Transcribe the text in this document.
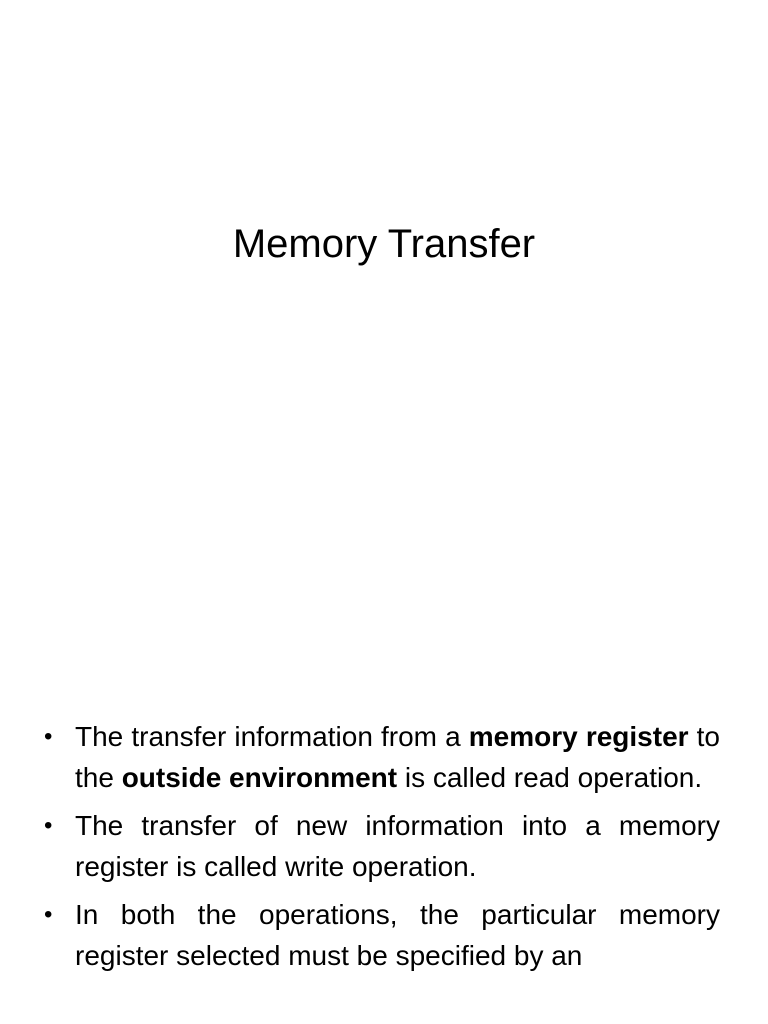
Memory Transfer
• The transfer information from a memory register to the outside environment is called read operation.
• The transfer of new information into a memory register is called write operation.
• In both the operations, the particular memory register selected must be specified by an
